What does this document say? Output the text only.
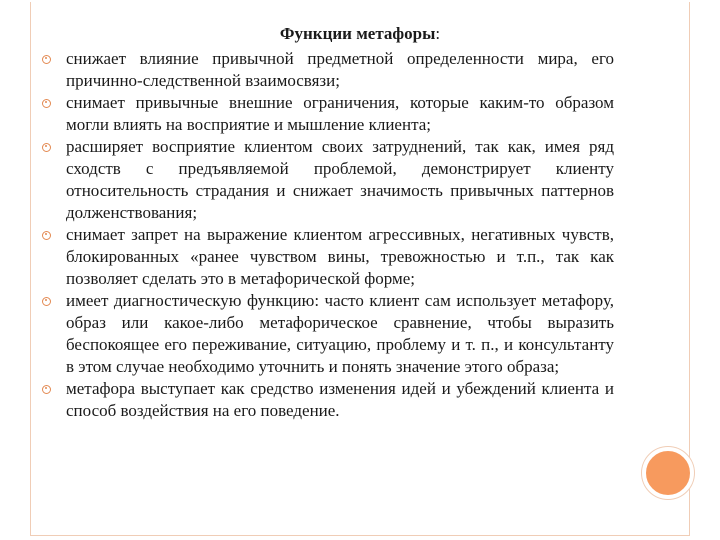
Функции метафоры:
снижает влияние привычной предметной определенности мира, его причинно-следственной взаимосвязи;
снимает привычные внешние ограничения, которые каким-то образом могли влиять на восприятие и мышление клиента;
расширяет восприятие клиентом своих затруднений, так как, имея ряд сходств с предъявляемой проблемой, демонстрирует клиенту относительность страдания и снижает значимость привычных паттернов долженствования;
снимает запрет на выражение клиентом агрессивных, негативных чувств, блокированных «ранее чувством вины, тревожностью и т.п., так как позволяет сделать это в метафорической форме;
имеет диагностическую функцию: часто клиент сам использует метафору, образ или какое-либо метафорическое сравнение, чтобы выразить беспокоящее его переживание, ситуацию, проблему и т. п., и консультанту в этом случае необходимо уточнить и понять значение этого образа;
метафора выступает как средство изменения идей и убеждений клиента и способ воздействия на его поведение.
